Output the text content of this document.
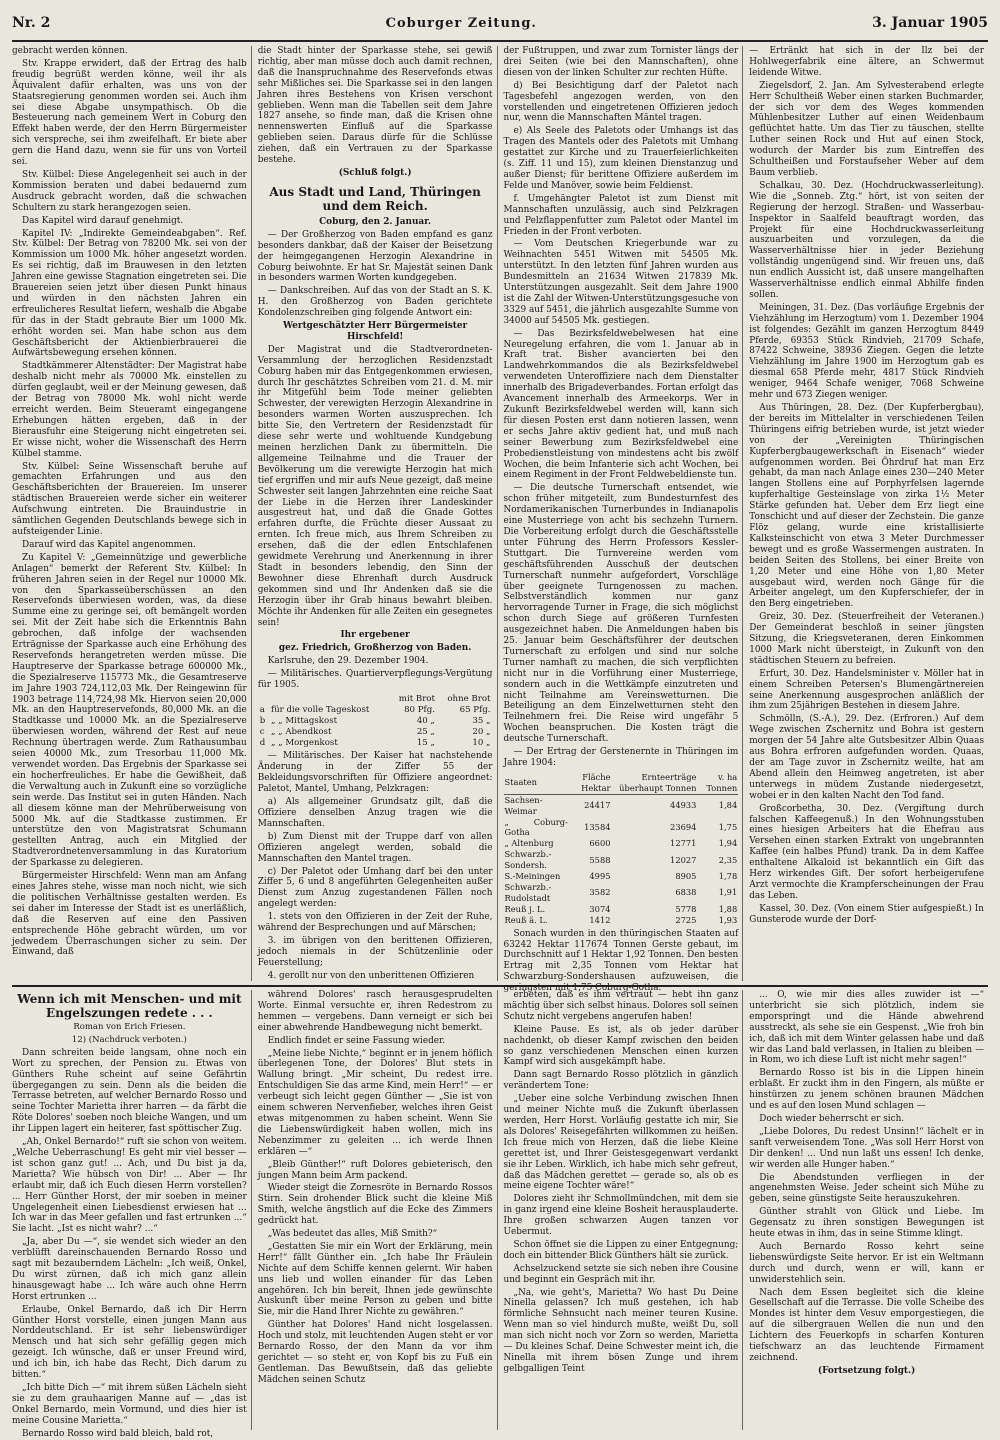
Nr. 2	Coburger Zeitung.	3. Januar 1905

gebracht werden können.

Stv. Krappe erwidert, daß der Ertrag des halb freudig begrüßt werden könne, weil ihr als Äquivalent dafür erhalten, was uns von der Staatsregierung genommen worden sei. Auch ihm sei diese Abgabe unsympathisch. Ob die Besteuerung nach gemeinem Wert in Coburg den Effekt haben werde, der den Herrn Bürgermeister sich verspreche, sei ihm zweifelhaft. Er biete aber gern die Hand dazu, wenn sie für uns von Vorteil sei.

Stv. Külbel: Diese Angelegenheit sei auch in der Kommission beraten und dabei bedauernd zum Ausdruck gebracht worden, daß die schwachen Schultern zu stark herangezogen seien.

Das Kapitel wird darauf genehmigt.

Kapitel IV: „Indirekte Gemeindeabgaben“. Ref. Stv. Külbel: Der Betrag von 78200 Mk. sei von der Kommission um 1000 Mk. höher angesetzt worden. Es sei richtig, daß im Brauwesen in den letzten Jahren eine gewisse Stagnation eingetreten sei. Die Brauereien seien jetzt über diesen Punkt hinaus und würden in den nächsten Jahren ein erfreulicheres Resultat liefern, weshalb die Abgabe für das in der Stadt gebraute Bier um 1000 Mk. erhöht worden sei. Man habe schon aus dem Geschäftsbericht der Aktienbierbrauerei die Aufwärtsbewegung ersehen können.

Stadtkämmerer Altenstädter: Der Magistrat habe deshalb nicht mehr als 70000 Mk. einstellen zu dürfen geglaubt, weil er der Meinung gewesen, daß der Betrag von 78000 Mk. wohl nicht werde erreicht werden. Beim Steueramt eingegangene Erhebungen hätten ergeben, daß in der Bierausfuhr eine Steigerung nicht eingetreten sei. Er wisse nicht, woher die Wissenschaft des Herrn Külbel stamme.

Stv. Külbel: Seine Wissenschaft beruhe auf gemachten Erfahrungen und aus den Geschäftsberichten der Brauereien. Im unserer städtischen Brauereien werde sicher ein weiterer Aufschwung eintreten. Die Brauindustrie in sämtlichen Gegenden Deutschlands bewege sich in aufsteigender Linie.

Darauf wird das Kapitel angenommen.

Zu Kapitel V: „Gemeinnützige und gewerbliche Anlagen“ bemerkt der Referent Stv. Külbel: In früheren Jahren seien in der Regel nur 10000 Mk. von den Sparkasseüberschüssen an den Reservefonds überwiesen worden, was, da diese Summe eine zu geringe sei, oft bemängelt worden sei. Mit der Zeit habe sich die Erkenntnis Bahn gebrochen, daß infolge der wachsenden Erträgnisse der Sparkasse auch eine Erhöhung des Reservefonds herangetreten werden müsse. Die Hauptreserve der Sparkasse betrage 600000 Mk., die Spezialreserve 115773 Mk., die Gesamtreserve im Jahre 1903 724,112,03 Mk. Der Reingewinn für 1903 betrage 114,724,98 Mk. Hiervon seien 20,000 Mk. an den Hauptreservefonds, 80,000 Mk. an die Stadtkasse und 10000 Mk. an die Spezialreserve überwiesen worden, während der Rest auf neue Rechnung übertragen werde. Zum Rathausumbau seien 40000 Mk., zum Tresorbau 11,000 Mk. verwendet worden. Das Ergebnis der Sparkasse sei ein hocherfreuliches. Er habe die Gewißheit, daß die Verwaltung auch in Zukunft eine so vorzügliche sein werde. Das Institut sei in guten Händen. Nach all diesem könne man der Mehrüberweisung von 5000 Mk. auf die Stadtkasse zustimmen. Er unterstütze den von Magistratsrat Schumann gestellten Antrag, auch ein Mitglied der Stadtverordnetenversammlung in das Kuratorium der Sparkasse zu delegieren.

Bürgermeister Hirschfeld: Wenn man am Anfang eines Jahres stehe, wisse man noch nicht, wie sich die politischen Verhältnisse gestalten werden. Es sei daher im Interesse der Stadt ist es unerläßlich, daß die Reserven auf eine den Passiven entsprechende Höhe gebracht würden, um vor jedwedem Überraschungen sicher zu sein. Der Einwand, daß

die Stadt hinter der Sparkasse stehe, sei gewiß richtig, aber man müsse doch auch damit rechnen, daß die Inanspruchnahme des Reservefonds etwas sehr Mißliches sei. Die Sparkasse sei in den langen Jahren ihres Bestehens von Krisen verschont geblieben. Wenn man die Tabellen seit dem Jahre 1827 ansehe, so finde man, daß die Krisen ohne nennenswerten Einfluß auf die Sparkasse geblieben seien. Daraus dürfe für die Schlüsse ziehen, daß ein Vertrauen zu der Sparkasse bestehe.

(Schluß folgt.)

Aus Stadt und Land, Thüringen und dem Reich.

Coburg, den 2. Januar.

— Der Großherzog von Baden empfand es ganz besonders dankbar, daß der Kaiser der Beisetzung der heimgegangenen Herzogin Alexandrine in Coburg beiwohnte. Er hat Sr. Majestät seinen Dank in besonders warmen Worten kundgegeben.

— Dankschreiben. Auf das von der Stadt an S. K. H. den Großherzog von Baden gerichtete Kondolenzschreiben ging folgende Antwort ein:

Wertgeschätzter Herr Bürgermeister Hirschfeld!

Der Magistrat und die Stadtverordneten-Versammlung der herzoglichen Residenzstadt Coburg haben mir das Entgegenkommen erwiesen, durch Ihr geschätztes Schreiben vom 21. d. M. mir ihr Mitgefühl beim Tode meiner geliebten Schwester, der verewigten Herzogin Alexandrine in besonders warmen Worten auszusprechen. Ich bitte Sie, den Vertretern der Residenzstadt für diese sehr werte und wohltuende Kundgebung meinen herzlichen Dank zu übermitteln. Die allgemeine Teilnahme und die Trauer der Bevölkerung um die verewigte Herzogin hat mich tief ergriffen und mir aufs Neue gezeigt, daß meine Schwester seit langen Jahrzehnten eine reiche Saat der Liebe in die Herzen ihrer Landeskinder ausgestreut hat, und daß die Gnade Gottes erfahren durfte, die Früchte dieser Aussaat zu ernten. Ich freue mich, aus Ihrem Schreiben zu ersehen, daß die der edlen Entschlafenen gewidmete Verehrung und Anerkennung in ihrer Stadt in besonders lebendig, den Sinn der Bewohner diese Ehrenhaft durch Ausdruck gekommen sind und Ihr Andenken daß sie die Herzogin über ihr Grab hinaus bewahrt bleiben. Möchte ihr Andenken für alle Zeiten ein gesegnetes sein!

Ihr ergebener

gez. Friedrich, Großherzog von Baden.

Karlsruhe, den 29. Dezember 1904.

— Militärisches. Quartierverpflegungs-Vergütung für 1905.

		mit Brot	ohne Brot
a	für die volle Tageskost	80 Pfg.	65 Pfg.
b	„ „ Mittagskost	40 „	35 „
c	„ „ Abendkost	25 „	20 „
d	„ „ Morgenkost	15 „	10 „

— Militärisches. Der Kaiser hat nachstehende Änderung in der Ziffer 55 der Bekleidungsvorschriften für Offiziere angeordnet: Paletot, Mantel, Umhang, Pelzkragen:

a) Als allgemeiner Grundsatz gilt, daß die Offiziere denselben Anzug tragen wie die Mannschaften.

b) Zum Dienst mit der Truppe darf von allen Offizieren angelegt werden, sobald die Mannschaften den Mantel tragen.

c) Der Paletot oder Umhang darf bei den unter Ziffer 5, 6 und 8 angeführten Gelegenheiten außer Dienst zum Anzug zugestandenen Fällen noch angelegt werden:

1. stets von den Offizieren in der Zeit der Ruhe, während der Besprechungen und auf Märschen;

3. im übrigen von den berittenen Offizieren, jedoch niemals in der Schützenlinie oder Feuerstellung;

4. gerollt nur von den unberittenen Offizieren

der Fußtruppen, und zwar zum Tornister längs der drei Seiten (wie bei den Mannschaften), ohne diesen von der linken Schulter zur rechten Hüfte.

d) Bei Besichtigung darf der Paletot nach Tagesbefehl angezogen werden, von den vorstellenden und eingetretenen Offizieren jedoch nur, wenn die Mannschaften Mäntel tragen.

e) Als Seele des Paletots oder Umhangs ist das Tragen des Mantels oder des Paletots mit Umhang gestattet zur Kirche und zu Trauerfeierlichkeiten (s. Ziff. 11 und 15), zum kleinen Dienstanzug und außer Dienst; für berittene Offiziere außerdem im Felde und Manöver, sowie beim Feldienst.

f. Umgehängter Paletot ist zum Dienst mit Mannschaften unzulässig, auch sind Pelzkragen und Pelzflappenfutter zum Paletot oder Mantel im Frieden in der Front verboten.

— Vom Deutschen Kriegerbunde war zu Weihnachten 5451 Witwen mit 54505 Mk. unterstützt. In den letzten fünf Jahren wurden aus Bundesmitteln an 21634 Witwen 217839 Mk. Unterstützungen ausgezahlt. Seit dem Jahre 1900 ist die Zahl der Witwen-Unterstützungsgesuche von 3329 auf 5451, die jährlich ausgezahlte Summe von 34000 auf 54505 Mk. gestiegen.

— Das Bezirksfeldwebelwesen hat eine Neuregelung erfahren, die vom 1. Januar ab in Kraft trat. Bisher avancierten bei den Landwehrkommandos die als Bezirksfeldwebel verwendeten Unteroffiziere nach dem Dienstalter innerhalb des Brigadeverbandes. Fortan erfolgt das Avancement innerhalb des Armeekorps. Wer in Zukunft Bezirksfeldwebel werden will, kann sich für diesen Posten erst dann notieren lassen, wenn er sechs Jahre aktiv gedient hat, und muß nach seiner Bewerbung zum Bezirksfeldwebel eine Probedienstleistung von mindestens acht bis zwölf Wochen, die beim Infanterie sich acht Wochen, bei einem Regiment in der Front Feldwebeldienste tun.

— Die deutsche Turnerschaft entsendet, wie schon früher mitgeteilt, zum Bundesturnfest des Nordamerikanischen Turnerbundes in Indianapolis eine Musterriege von acht bis sechzehn Turnern. Die Vorbereitung erfolgt durch die Geschäftsstelle unter Führung des Herrn Professors Kessler-Stuttgart. Die Turnvereine werden vom geschäftsführenden Ausschuß der deutschen Turnerschaft nunmehr aufgefordert, Vorschläge über geeignete Turngenossen zu machen. Selbstverständlich kommen nur ganz hervorragende Turner in Frage, die sich möglichst schon durch Siege auf größeren Turnfesten ausgezeichnet haben. Die Anmeldungen haben bis 25. Januar beim Geschäftsführer der deutschen Turnerschaft zu erfolgen und sind nur solche Turner namhaft zu machen, die sich verpflichten nicht nur in die Vorführung einer Musterriege, sondern auch in die Wettkämpfe einzutreten und nicht Teilnahme am Vereinswetturnen. Die Beteiligung an dem Einzelwetturnen steht den Teilnehmern frei. Die Reise wird ungefähr 5 Wochen beanspruchen. Die Kosten trägt die deutsche Turnerschaft.

— Der Ertrag der Gerstenernte in Thüringen im Jahre 1904:

Staaten	Fläche Hektar	Ernteerträge überhaupt Tonnen	v. ha Tonnen
Sachsen-Weimar	24417	44933	1,84
„ Coburg-Gotha	13584	23694	1,75
„ Altenburg	6600	12771	1,94
Schwarzb.-Sondersh.	5588	12027	2,35
S.-Meiningen	4995	8905	1,78
Schwarzb.-Rudolstadt	3582	6838	1,91
Reuß j. L.	3074	5778	1,88
Reuß ä. L.	1412	2725	1,93

Sonach wurden in den thüringischen Staaten auf 63242 Hektar 117674 Tonnen Gerste gebaut, im Durchschnitt auf 1 Hektar 1,92 Tonnen. Den besten Ertrag mit 2,35 Tonnen vom Hektar hat Schwarzburg-Sondershausen aufzuweisen, die geringsten mit 1,75 Coburg-Gotha.

— Ertränkt hat sich in der Ilz bei der Hohlwegerfabrik eine ältere, an Schwermut leidende Witwe.

Ziegelsdorf, 2. Jan. Am Sylvesterabend erlegte Herr Schultheiß Weber einen starken Buchmarder, der sich vor dem des Weges kommenden Mühlenbesitzer Luther auf einen Weidenbaum geflüchtet hatte. Um das Tier zu täuschen, stellte Luther seinen Rock und Hut auf einen Stock, wodurch der Marder bis zum Eintreffen des Schultheißen und Forstaufseher Weber auf dem Baum verblieb.

Schalkau, 30. Dez. (Hochdruckwasserleitung). Wie die „Sonneb. Ztg.“ hört, ist von seiten der Regierung der herzogl. Straßen- und Wasserbau-Inspektor in Saalfeld beauftragt worden, das Projekt für eine Hochdruckwasserleitung auszuarbeiten und vorzulegen, da die Wasserverhältnisse hier in jeder Beziehung vollständig ungenügend sind. Wir freuen uns, daß nun endlich Aussicht ist, daß unsere mangelhaften Wasserverhältnisse endlich einmal Abhilfe finden sollen.

Meiningen, 31. Dez. (Das vorläufige Ergebnis der Viehzählung im Herzogtum) vom 1. Dezember 1904 ist folgendes: Gezählt im ganzen Herzogtum 8449 Pferde, 69353 Stück Rindvieh, 21709 Schafe, 87422 Schweine, 38936 Ziegen. Gegen die letzte Viehzählung im Jahre 1900 im Herzogtum gab es diesmal 658 Pferde mehr, 4817 Stück Rindvieh weniger, 9464 Schafe weniger, 7068 Schweine mehr und 673 Ziegen weniger.

Aus Thüringen, 28. Dez. (Der Kupferbergbau), der bereits im Mittelalter in verschiedenen Teilen Thüringens eifrig betrieben wurde, ist jetzt wieder von der „Vereinigten Thüringischen Kupferbergbaugewerkschaft in Eisenach“ wieder aufgenommen worden. Bei Öhrdruf hat man Erz gehabt, da man nach Anlage eines 230—240 Meter langen Stollens eine auf Porphyrfelsen lagernde kupferhaltige Gesteinslage von zirka 1½ Meter Stärke gefunden hat. Ueber dem Erz liegt eine Tonschicht und auf dieser der Zechstein. Die ganze Flöz gelang, wurde eine kristallisierte Kalksteinschicht von etwa 3 Meter Durchmesser bewegt und es große Wassermengen austraten. In beiden Seiten des Stollens, bei einer Breite von 1,20 Meter und eine Höhe von 1,80 Meter ausgebaut wird, werden noch Gänge für die Arbeiter angelegt, um den Kupferschiefer, der in den Berg eingetrieben.

Greiz, 30. Dez. (Steuerfreiheit der Veteranen.) Der Gemeinderat beschloß in seiner jüngsten Sitzung, die Kriegsveteranen, deren Einkommen 1000 Mark nicht übersteigt, in Zukunft von den städtischen Steuern zu befreien.

Erfurt, 30. Dez. Handelsminister v. Möller hat in einem Schreiben Petersen's Blumengärtnereien seine Anerkennung ausgesprochen anläßlich der ihm zum 25jährigen Bestehen in diesem Jahre.

Schmölln, (S.-A.), 29. Dez. (Erfroren.) Auf dem Wege zwischen Zschernitz und Bohra ist gestern morgen der 54 Jahre alte Gutsbesitzer Albin Quaas aus Bohra erfroren aufgefunden worden. Quaas, der am Tage zuvor in Zschernitz weilte, hat am Abend allein den Heimweg angetreten, ist aber unterwegs in müdem Zustande niedergesetzt, wobei er in den kalten Nacht den Tod fand.

Großcorbetha, 30. Dez. (Vergiftung durch falschen Kaffeegenuß.) In den Wohnungsstuben eines hiesigen Arbeiters hat die Ehefrau aus Versehen einen starken Extrakt von ungebrannten Kaffee (ein halbes Pfund) trank. Da in dem Kaffee enthaltene Alkaloid ist bekanntlich ein Gift das Herz wirkendes Gift. Der sofort herbeigerufene Arzt vermochte die Krampferscheinungen der Frau das Leben.

Kassel, 30. Dez. (Von einem Stier aufgespießt.) In Gunsterode wurde der Dorf-

Wenn ich mit Menschen- und mit Engelszungen redete . . .

Roman von Erich Friesen.

12) (Nachdruck verboten.)

Dann schreiten beide langsam, ohne noch ein Wort zu sprechen, der Pension zu. Etwas von Günthers Ruhe scheint auf seine Gefährtin übergegangen zu sein. Denn als die beiden die Terrasse betreten, auf welcher Bernardo Rosso und seine Tochter Marietta ihrer harren — da färbt die Röte Dolores' soeben noch bleiche Wangen, und um ihr Lippen lagert ein heiterer, fast spöttischer Zug.

„Ah, Onkel Bernardo!“ ruft sie schon von weitem. „Welche Ueberraschung! Es geht mir viel besser — ist schon ganz gut! ... Ach, und Du bist ja da, Marietta? Wie hübsch von Dir! ... Aber — Ihr erlaubt mir, daß ich Euch diesen Herrn vorstellen? ... Herr Günther Horst, der mir soeben in meiner Ungelegenheit einen Liebesdienst erwiesen hat ... Ich war in das Meer gefallen und fast ertrunken ...“ Sie lacht. „Ist es nicht wahr? ...“

„Ja, aber Du —“, sie wendet sich wieder an den verblüfft dareinschauenden Bernardo Rosso und sagt mit bezauberndem Lächeln: „Ich weiß, Onkel, Du wirst zürnen, daß ich mich ganz allein hinausgewagt habe ... Ich wäre auch ohne Herrn Horst ertrunken ...

Erlaube, Onkel Bernardo, daß ich Dir Herrn Günther Horst vorstelle, einen jungen Mann aus Norddeutschland. Er ist sehr liebenswürdiger Mensch und hat sich sehr gefällig gegen mich gezeigt. Ich wünsche, daß er unser Freund wird, und ich bin, ich habe das Recht, Dich darum zu bitten.“

„Ich bitte Dich —“ mit ihrem süßen Lächeln sieht sie zu dem grauhaarigen Manne auf — „das ist Onkel Bernardo, mein Vormund, und dies hier ist meine Cousine Marietta.“

Bernardo Rosso wird bald bleich, bald rot,

während Dolores' rasch herausgesprudelten Worte. Einmal versuchte er, ihren Redestrom zu hemmen — vergebens. Dann verneigt er sich bei einer abwehrende Handbewegung nicht bemerkt.

Endlich findet er seine Fassung wieder.

„Meine liebe Nichte,“ beginnt er in jenem höflich überlegenen Tone, der Dolores' Blut stets in Wallung bringt. „Mir scheint, Du redest irre. Entschuldigen Sie das arme Kind, mein Herr!“ — er verbeugt sich leicht gegen Günther — „Sie ist von einem schweren Nervenfieber, welches ihren Geist etwas mitgenommen zu haben scheint. Wenn Sie die Liebenswürdigkeit haben wollen, mich ins Nebenzimmer zu geleiten ... ich werde Ihnen erklären —“

„Bleib Günther!“ ruft Dolores gebieterisch, den jungen Mann beim Arm packend.

Wieder steigt die Zornesröte in Bernardo Rossos Stirn. Sein drohender Blick sucht die kleine Miß Smith, welche ängstlich auf die Ecke des Zimmers gedrückt hat.

„Was bedeutet das alles, Miß Smith?“

„Gestatten Sie mir ein Wort der Erklärung, mein Herr!“ fällt Günther ein. „Ich habe Ihr Fräulein Nichte auf dem Schiffe kennen gelernt. Wir haben uns lieb und wollen einander für das Leben angehören. Ich bin bereit, Ihnen jede gewünschte Auskunft über meine Person zu geben und bitte Sie, mir die Hand Ihrer Nichte zu gewähren.“

Günther hat Dolores' Hand nicht losgelassen. Hoch und stolz, mit leuchtenden Augen steht er vor Bernardo Rosso, der den Mann da vor ihm gerichtet — so steht er, von Kopf bis zu Fuß ein Gentleman. Das Bewußtsein, daß das geliebte Mädchen seinen Schutz

erbeten, daß es ihm vertraut — hebt ihn ganz mächtig über sich selbst hinaus. Dolores soll seinen Schutz nicht vergebens angerufen haben!

Kleine Pause. Es ist, als ob jeder darüber nachdenkt, ob dieser Kampf zwischen den beiden so ganz verschiedenen Menschen einen kurzen Kampf wird sich ausgekämpft habe.

Dann sagt Bernardo Rosso plötzlich in gänzlich verändertem Tone:

„Ueber eine solche Verbindung zwischen Ihnen und meiner Nichte muß die Zukunft überlassen werden, Herr Horst. Vorläufig gestatte ich mir, Sie als Dolores' Reisegefährten willkommen zu heißen. Ich freue mich von Herzen, daß die liebe Kleine gerettet ist, und Ihrer Geistesgegenwart verdankt sie ihr Leben. Wirklich, ich habe mich sehr gefreut, daß das Mädchen gerettet — gerade so, als ob es meine eigene Tochter wäre!“

Dolores zieht ihr Schmollmündchen, mit dem sie in ganz irgend eine kleine Bosheit herausplauderte. Ihre großen schwarzen Augen tanzen vor Uebermut.

Schon öffnet sie die Lippen zu einer Entgegnung; doch ein bittender Blick Günthers hält sie zurück.

Achselzuckend setzte sie sich neben ihre Cousine und beginnt ein Gespräch mit ihr.

„Na, wie geht's, Marietta? Wo hast Du Deine Ninella gelassen? Ich muß gestehen, ich hab förmliche Sehnsucht nach meiner teuren Kusine. Wenn man so viel hindurch mußte, weißt Du, soll man sich nicht noch vor Zorn so werden, Marietta — Du kleines Schaf. Deine Schwester meint ich, die Ninella mit ihrem bösen Zunge und ihrem gelbgalligen Teint

... O, wie mir dies alles zuwider ist —“ unterbricht sie sich plötzlich, indem sie emporspringt und die Hände abwehrend ausstreckt, als sehe sie ein Gespenst. „Wie froh bin ich, daß ich mit dem Winter gelassen habe und daß wir das Land bald verlassen, in Italien zu bleiben — in Rom, wo ich diese Luft ist nicht mehr sagen!“

Bernardo Rosso ist bis in die Lippen hinein erblaßt. Er zuckt ihm in den Fingern, als müßte er hinstürzen zu jenem schönen braunen Mädchen und es auf den losen Mund schlagen —

Doch wieder beherrscht er sich.

„Liebe Dolores, Du redest Unsinn!“ lächelt er in sanft verweisendem Tone. „Was soll Herr Horst von Dir denken! ... Und nun laßt uns essen! Ich denke, wir werden alle Hunger haben.“

Die Abendstunden verfliegen in der angenehmsten Weise. Jeder scheint sich Mühe zu geben, seine günstigste Seite herauszukehren.

Günther strahlt von Glück und Liebe. Im Gegensatz zu ihren sonstigen Bewegungen ist heute etwas in ihm, das in seine Stimme klingt.

Auch Bernardo Rosso kehrt seine liebenswürdigste Seite hervor. Er ist ein Weltmann durch und durch, wenn er will, kann er unwiderstehlich sein.

Nach dem Essen begleitet sich die kleine Gesellschaft auf die Terrasse. Die volle Scheibe des Mondes ist hinter dem Vesuv emporgestiegen, die auf die silbergrauen Wellen die nun und den Lichtern des Feuerkopfs in scharfen Konturen tiefschwarz an das leuchtende Firmament zeichnend.

(Fortsetzung folgt.)
